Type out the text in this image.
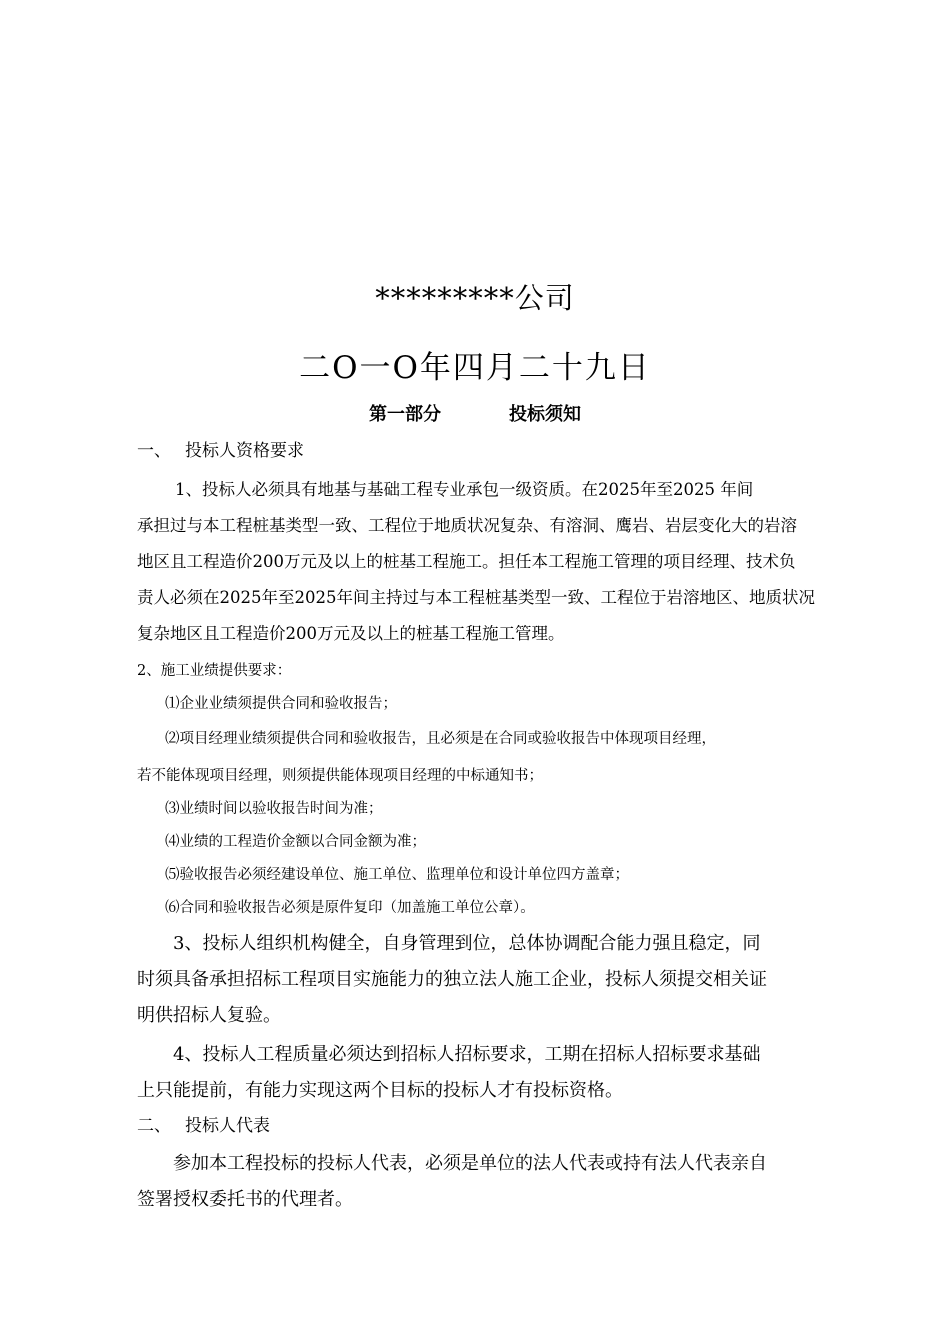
*********公司
二O一O年四月二十九日
第一部分	投标须知
一、 投标人资格要求
1、投标人必须具有地基与基础工程专业承包一级资质。在2025年至2025 年间
承担过与本工程桩基类型一致、工程位于地质状况复杂、有溶洞、鹰岩、岩层变化大的岩溶
地区且工程造价200万元及以上的桩基工程施工。担任本工程施工管理的项目经理、技术负
责人必须在2025年至2025年间主持过与本工程桩基类型一致、工程位于岩溶地区、地质状况
复杂地区且工程造价200万元及以上的桩基工程施工管理。
2、施工业绩提供要求：
⑴企业业绩须提供合同和验收报告；
⑵项目经理业绩须提供合同和验收报告，且必须是在合同或验收报告中体现项目经理，
若不能体现项目经理，则须提供能体现项目经理的中标通知书；
⑶业绩时间以验收报告时间为准；
⑷业绩的工程造价金额以合同金额为准；
⑸验收报告必须经建设单位、施工单位、监理单位和设计单位四方盖章；
⑹合同和验收报告必须是原件复印（加盖施工单位公章）。
3、投标人组织机构健全，自身管理到位，总体协调配合能力强且稳定，同
时须具备承担招标工程项目实施能力的独立法人施工企业，投标人须提交相关证
明供招标人复验。
4、投标人工程质量必须达到招标人招标要求，工期在招标人招标要求基础
上只能提前，有能力实现这两个目标的投标人才有投标资格。
二、 投标人代表
参加本工程投标的投标人代表，必须是单位的法人代表或持有法人代表亲自
签署授权委托书的代理者。
